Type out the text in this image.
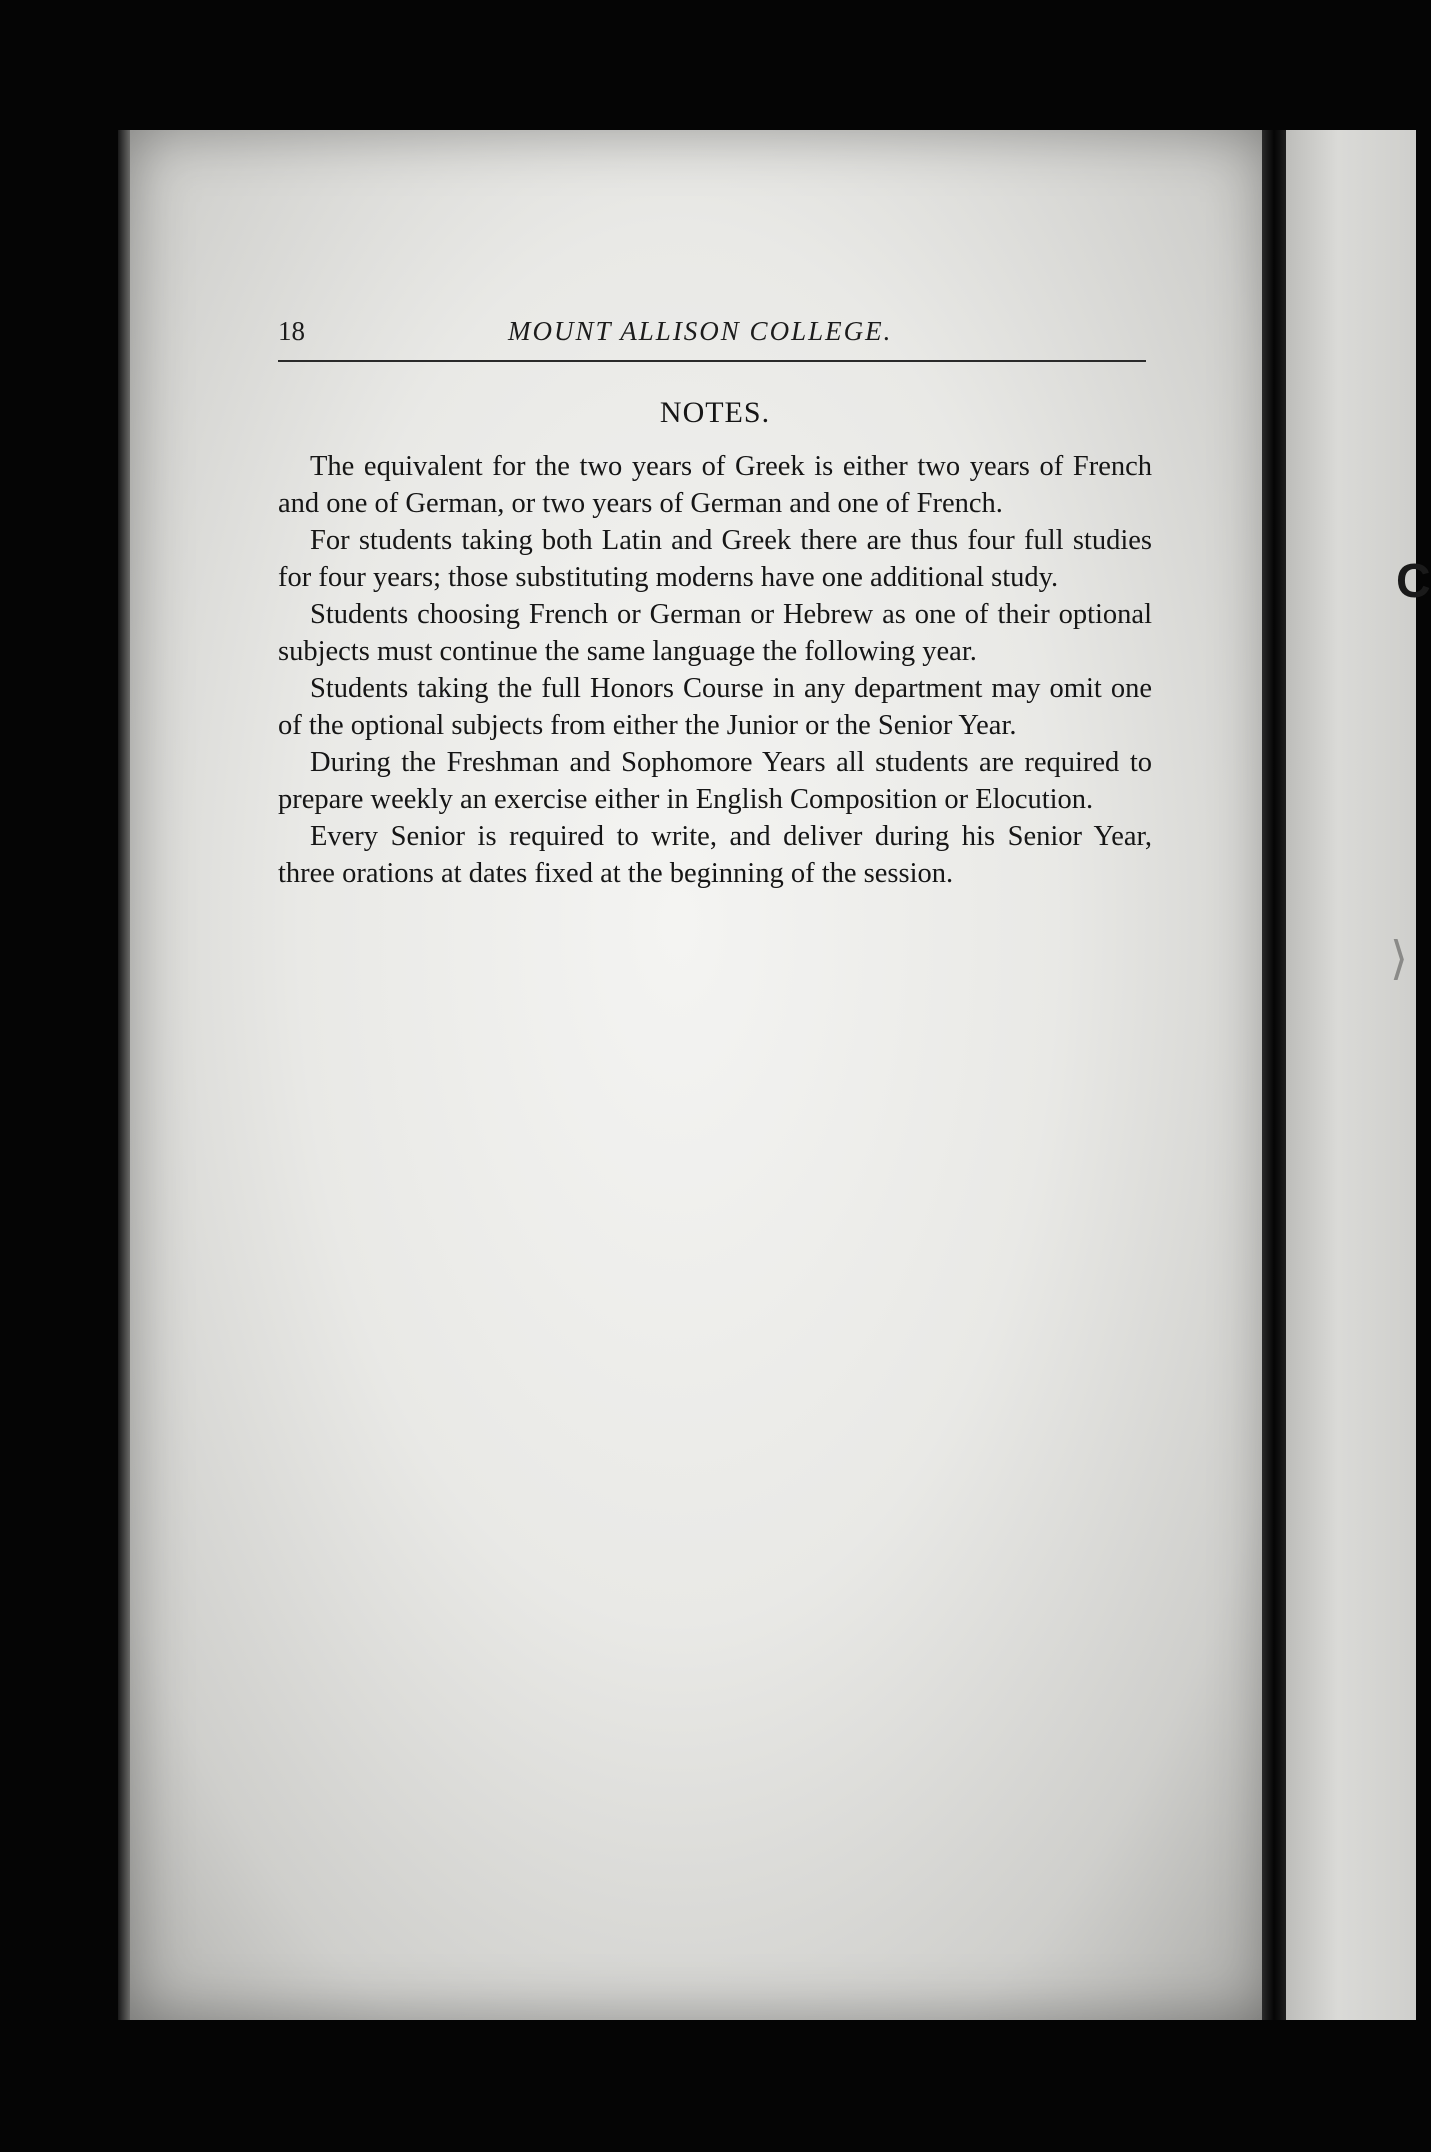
C
⟩
18	MOUNT ALLISON COLLEGE.
NOTES.

The equivalent for the two years of Greek is either two years of French and one of German, or two years of German and one of French.

For students taking both Latin and Greek there are thus four full studies for four years; those substituting moderns have one additional study.

Students choosing French or German or Hebrew as one of their optional subjects must continue the same language the following year.

Students taking the full Honors Course in any department may omit one of the optional subjects from either the Junior or the Senior Year.

During the Freshman and Sophomore Years all students are required to prepare weekly an exercise either in English Composition or Elocution.

Every Senior is required to write, and deliver during his Senior Year, three orations at dates fixed at the beginning of the session.
